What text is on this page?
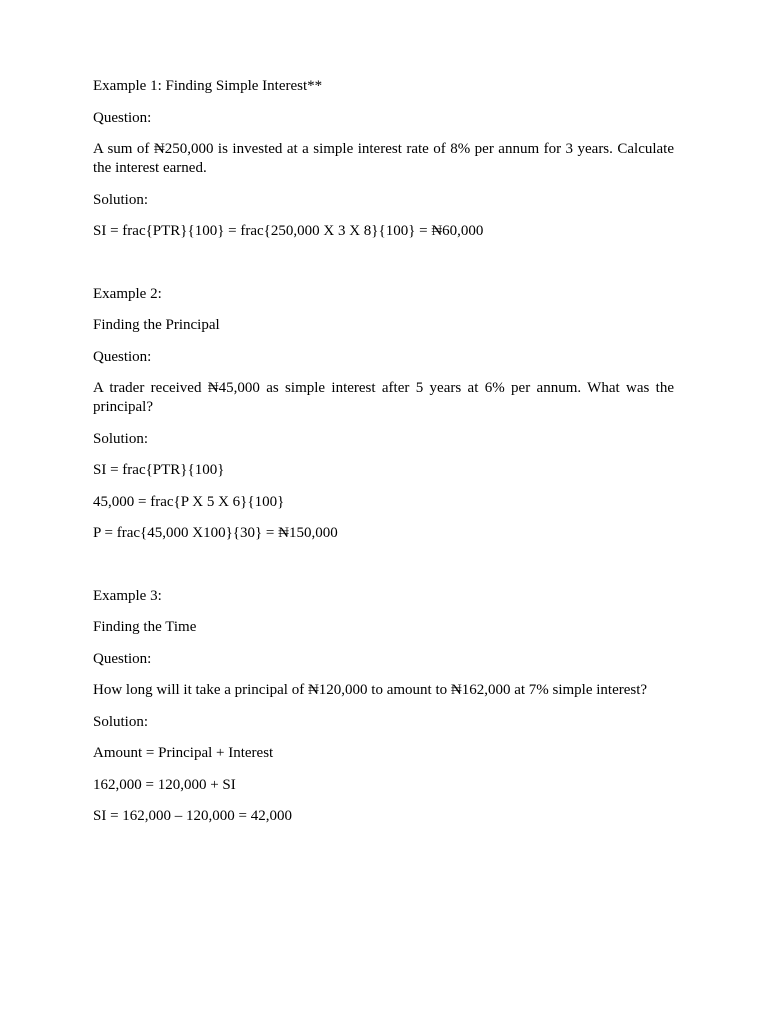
Example 1: Finding Simple Interest**

Question:

A sum of ₦250,000 is invested at a simple interest rate of 8% per annum for 3 years. Calculate the interest earned.

Solution:

SI = frac{PTR}{100} = frac{250,000 X 3 X 8}{100} = ₦60,000

Example 2:

Finding the Principal

Question:

A trader received ₦45,000 as simple interest after 5 years at 6% per annum. What was the principal?

Solution:

SI = frac{PTR}{100}

45,000 = frac{P X 5 X 6}{100}

P = frac{45,000 X100}{30} = ₦150,000

Example 3:

Finding the Time

Question:

How long will it take a principal of ₦120,000 to amount to ₦162,000 at 7% simple interest?

Solution:

Amount = Principal + Interest

162,000 = 120,000 + SI

SI = 162,000 – 120,000 = 42,000
